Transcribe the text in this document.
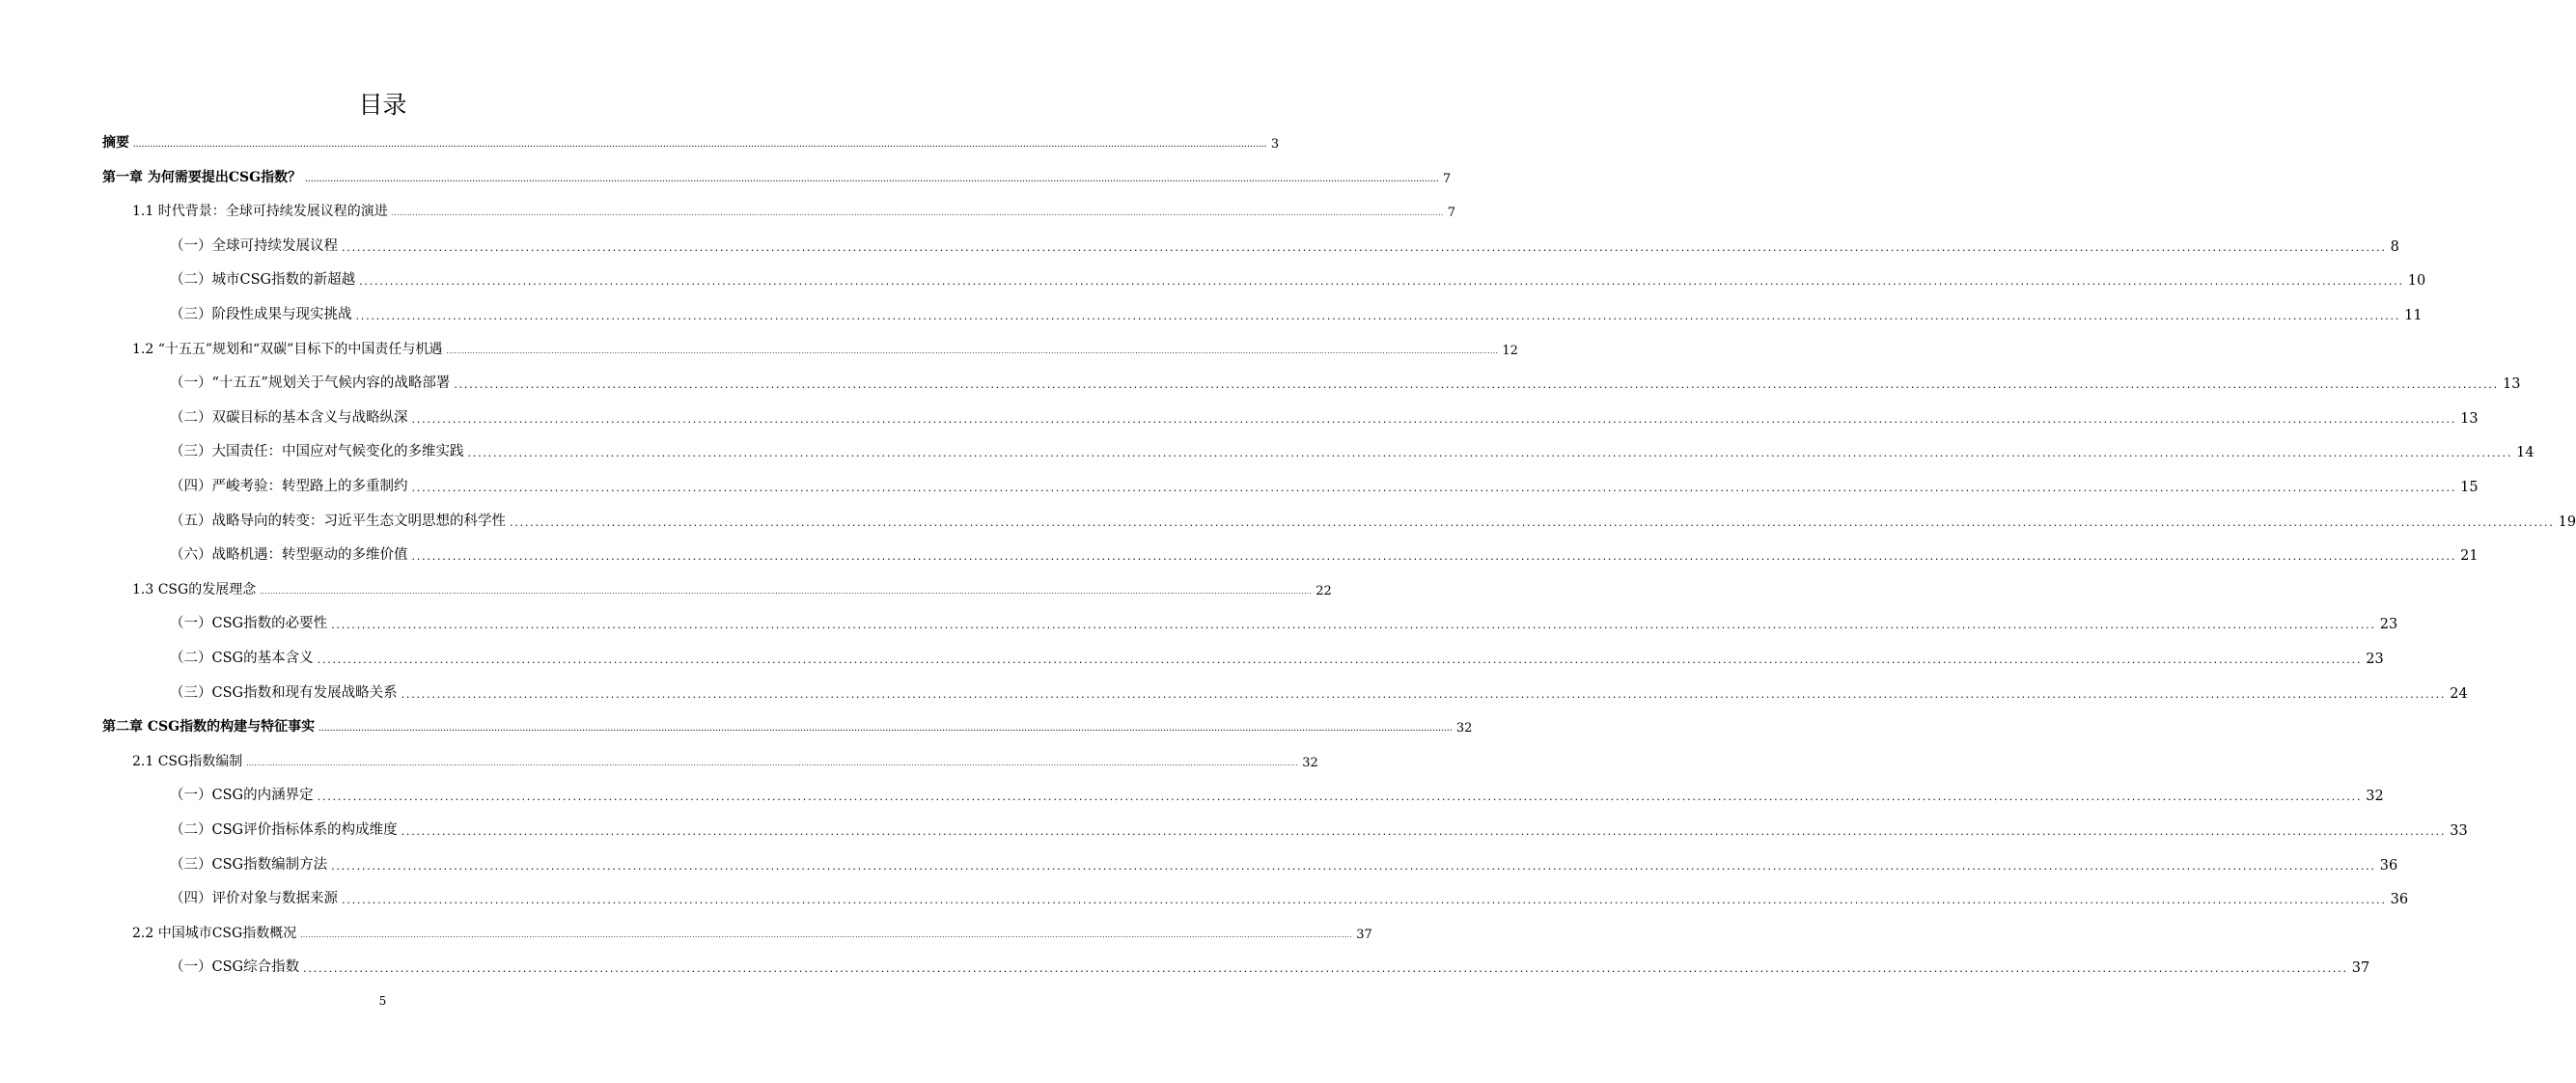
目录
摘要 ................................................................................................................................................................................................................................................................................................................................................................................................................ 3
第一章 为何需要提出CSG指数？ ................................................................................................................................................................................................................................................................................................................................................................................................................ 7
1.1 时代背景：全球可持续发展议程的演进 ................................................................................................................................................................................................................................................................................................................................................................................................................ 7
（一）全球可持续发展议程 ................................................................................................................................................................................................................................................................................................................................................................................................................ 8
（二）城市CSG指数的新超越 ................................................................................................................................................................................................................................................................................................................................................................................................................ 10
（三）阶段性成果与现实挑战 ................................................................................................................................................................................................................................................................................................................................................................................................................ 11
1.2 “十五五”规划和“双碳”目标下的中国责任与机遇 ................................................................................................................................................................................................................................................................................................................................................................................................................ 12
（一）“十五五”规划关于气候内容的战略部署 ................................................................................................................................................................................................................................................................................................................................................................................................................ 13
（二）双碳目标的基本含义与战略纵深 ................................................................................................................................................................................................................................................................................................................................................................................................................ 13
（三）大国责任：中国应对气候变化的多维实践 ................................................................................................................................................................................................................................................................................................................................................................................................................ 14
（四）严峻考验：转型路上的多重制约 ................................................................................................................................................................................................................................................................................................................................................................................................................ 15
（五）战略导向的转变：习近平生态文明思想的科学性 ................................................................................................................................................................................................................................................................................................................................................................................................................ 19
（六）战略机遇：转型驱动的多维价值 ................................................................................................................................................................................................................................................................................................................................................................................................................ 21
1.3 CSG的发展理念 ................................................................................................................................................................................................................................................................................................................................................................................................................ 22
（一）CSG指数的必要性 ................................................................................................................................................................................................................................................................................................................................................................................................................ 23
（二）CSG的基本含义 ................................................................................................................................................................................................................................................................................................................................................................................................................ 23
（三）CSG指数和现有发展战略关系 ................................................................................................................................................................................................................................................................................................................................................................................................................ 24
第二章 CSG指数的构建与特征事实 ................................................................................................................................................................................................................................................................................................................................................................................................................ 32
2.1 CSG指数编制 ................................................................................................................................................................................................................................................................................................................................................................................................................ 32
（一）CSG的内涵界定 ................................................................................................................................................................................................................................................................................................................................................................................................................ 32
（二）CSG评价指标体系的构成维度 ................................................................................................................................................................................................................................................................................................................................................................................................................ 33
（三）CSG指数编制方法 ................................................................................................................................................................................................................................................................................................................................................................................................................ 36
（四）评价对象与数据来源 ................................................................................................................................................................................................................................................................................................................................................................................................................ 36
2.2 中国城市CSG指数概况 ................................................................................................................................................................................................................................................................................................................................................................................................................ 37
（一）CSG综合指数 ................................................................................................................................................................................................................................................................................................................................................................................................................ 37
5
